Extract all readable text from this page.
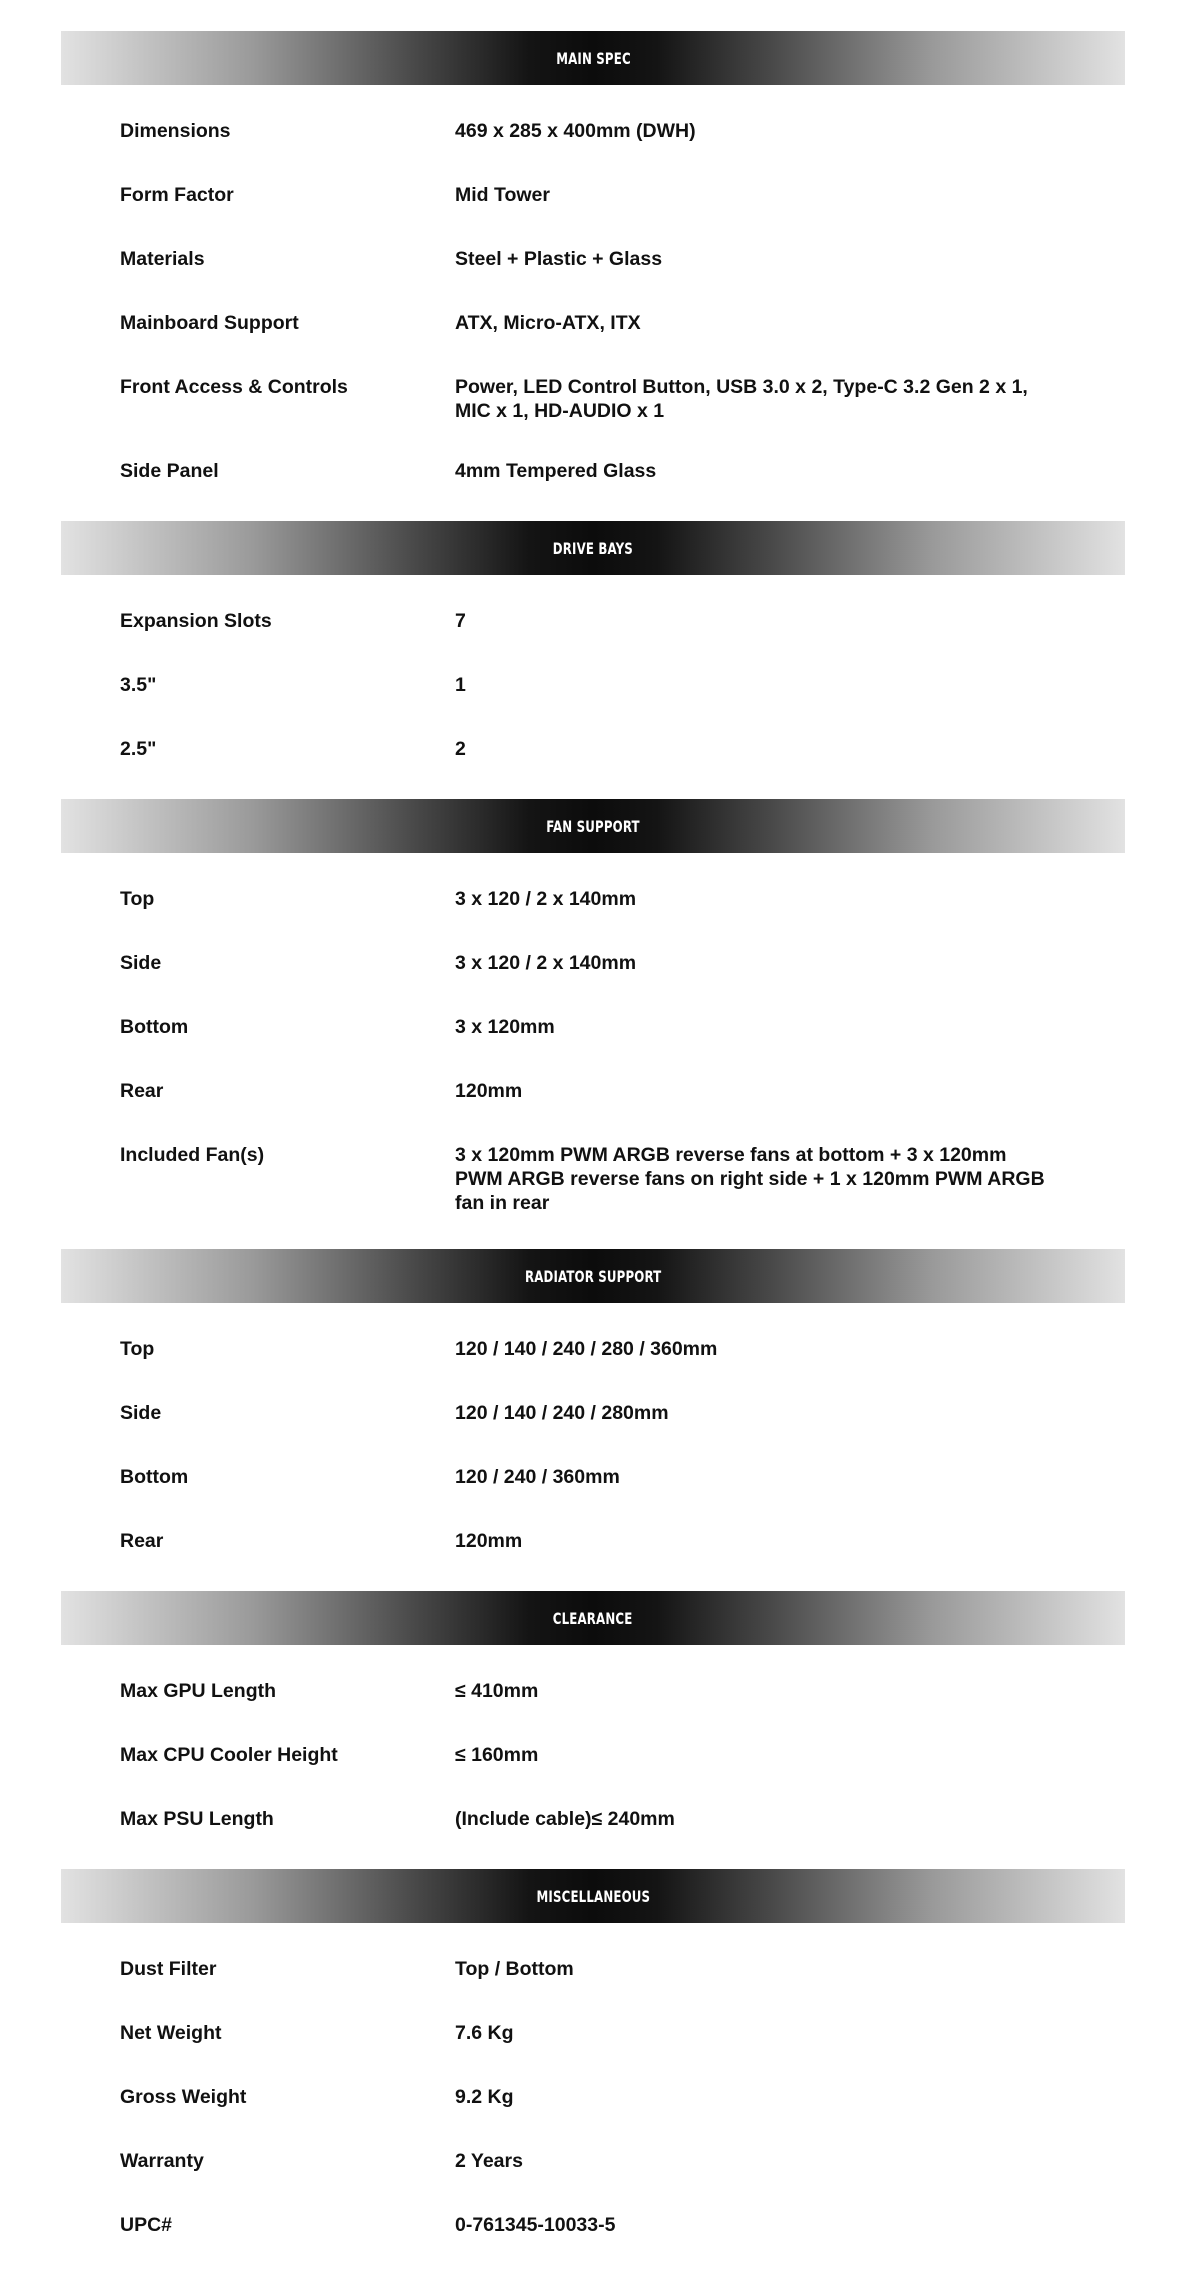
MAIN SPEC
Dimensions	469 x 285 x 400mm (DWH)
Form Factor	Mid Tower
Materials	Steel + Plastic + Glass
Mainboard Support	ATX, Micro-ATX, ITX
Front Access & Controls	Power, LED Control Button, USB 3.0 x 2, Type-C 3.2 Gen 2 x 1, MIC x 1, HD-AUDIO x 1
Side Panel	4mm Tempered Glass
DRIVE BAYS
Expansion Slots	7
3.5"	1
2.5"	2
FAN SUPPORT
Top	3 x 120 / 2 x 140mm
Side	3 x 120 / 2 x 140mm
Bottom	3 x 120mm
Rear	120mm
Included Fan(s)	3 x 120mm PWM ARGB reverse fans at bottom + 3 x 120mm PWM ARGB reverse fans on right side + 1 x 120mm PWM ARGB fan in rear
RADIATOR SUPPORT
Top	120 / 140 / 240 / 280 / 360mm
Side	120 / 140 / 240 / 280mm
Bottom	120 / 240 / 360mm
Rear	120mm
CLEARANCE
Max GPU Length	≤ 410mm
Max CPU Cooler Height	≤ 160mm
Max PSU Length	(Include cable)≤ 240mm
MISCELLANEOUS
Dust Filter	Top / Bottom
Net Weight	7.6 Kg
Gross Weight	9.2 Kg
Warranty	2 Years
UPC#	0-761345-10033-5
